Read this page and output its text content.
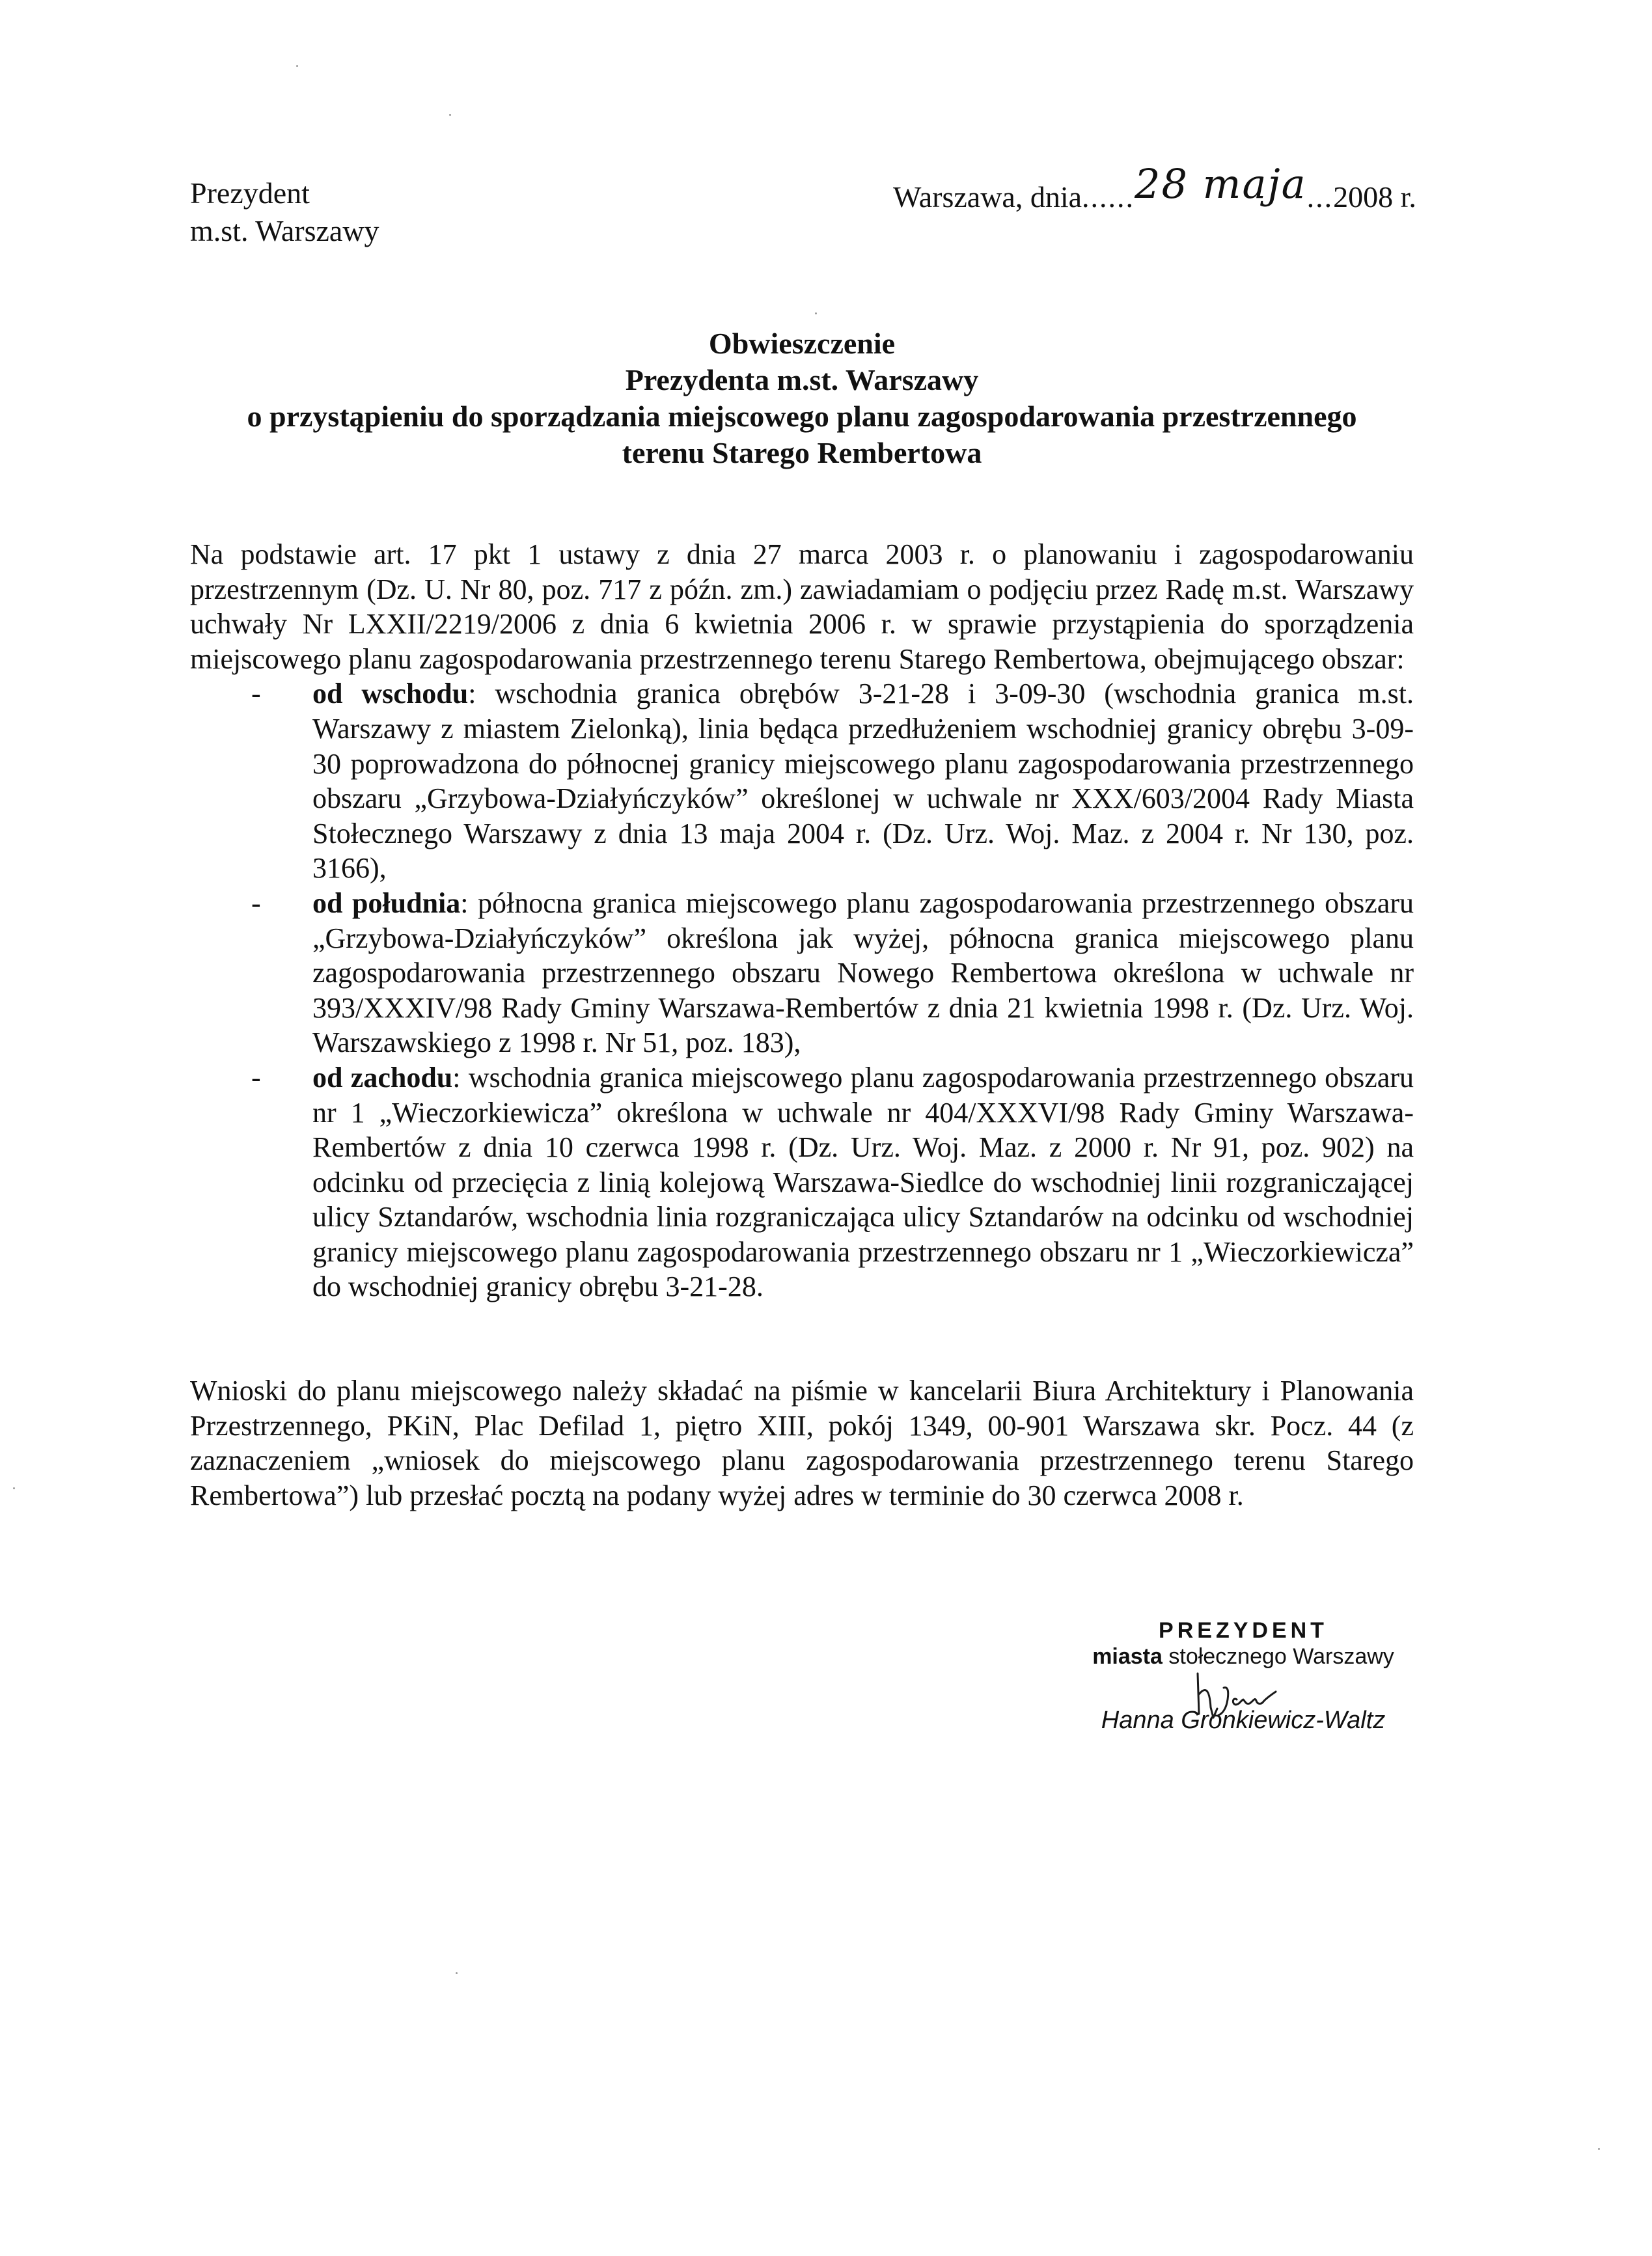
Prezydent
m.st. Warszawy
Warszawa, dnia......28 maja...2008 r.
Obwieszczenie
Prezydenta m.st. Warszawy
o przystąpieniu do sporządzania miejscowego planu zagospodarowania przestrzennego
terenu Starego Rembertowa

Na podstawie art. 17 pkt 1 ustawy z dnia 27 marca 2003 r. o planowaniu i zagospodarowaniu przestrzennym (Dz. U. Nr 80, poz. 717 z późn. zm.) zawiadamiam o podjęciu przez Radę m.st. Warszawy uchwały Nr LXXII/2219/2006 z dnia 6 kwietnia 2006 r. w sprawie przystąpienia do sporządzenia miejscowego planu zagospodarowania przestrzennego terenu Starego Rembertowa, obejmującego obszar:

- od wschodu: wschodnia granica obrębów 3-21-28 i 3-09-30 (wschodnia granica m.st. Warszawy z miastem Zielonką), linia będąca przedłużeniem wschodniej granicy obrębu 3-09-30 poprowadzona do północnej granicy miejscowego planu zagospodarowania przestrzennego obszaru „Grzybowa-Działyńczyków” określonej w uchwale nr XXX/603/2004 Rady Miasta Stołecznego Warszawy z dnia 13 maja 2004 r. (Dz. Urz. Woj. Maz. z 2004 r. Nr 130, poz. 3166),
- od południa: północna granica miejscowego planu zagospodarowania przestrzennego obszaru „Grzybowa-Działyńczyków” określona jak wyżej, północna granica miejscowego planu zagospodarowania przestrzennego obszaru Nowego Rembertowa określona w uchwale nr 393/XXXIV/98 Rady Gminy Warszawa-Rembertów z dnia 21 kwietnia 1998 r. (Dz. Urz. Woj. Warszawskiego z 1998 r. Nr 51, poz. 183),
- od zachodu: wschodnia granica miejscowego planu zagospodarowania przestrzennego obszaru nr 1 „Wieczorkiewicza” określona w uchwale nr 404/XXXVI/98 Rady Gminy Warszawa-Rembertów z dnia 10 czerwca 1998 r. (Dz. Urz. Woj. Maz. z 2000 r. Nr 91, poz. 902) na odcinku od przecięcia z linią kolejową Warszawa-Siedlce do wschodniej linii rozgraniczającej ulicy Sztandarów, wschodnia linia rozgraniczająca ulicy Sztandarów na odcinku od wschodniej granicy miejscowego planu zagospodarowania przestrzennego obszaru nr 1 „Wieczorkiewicza” do wschodniej granicy obrębu 3-21-28.

Wnioski do planu miejscowego należy składać na piśmie w kancelarii Biura Architektury i Planowania Przestrzennego, PKiN, Plac Defilad 1, piętro XIII, pokój 1349, 00-901 Warszawa skr. Pocz. 44 (z zaznaczeniem „wniosek do miejscowego planu zagospodarowania przestrzennego terenu Starego Rembertowa”) lub przesłać pocztą na podany wyżej adres w terminie do 30 czerwca 2008 r.

PREZYDENT
miasta stołecznego Warszawy
Hanna Gronkiewicz-Waltz
